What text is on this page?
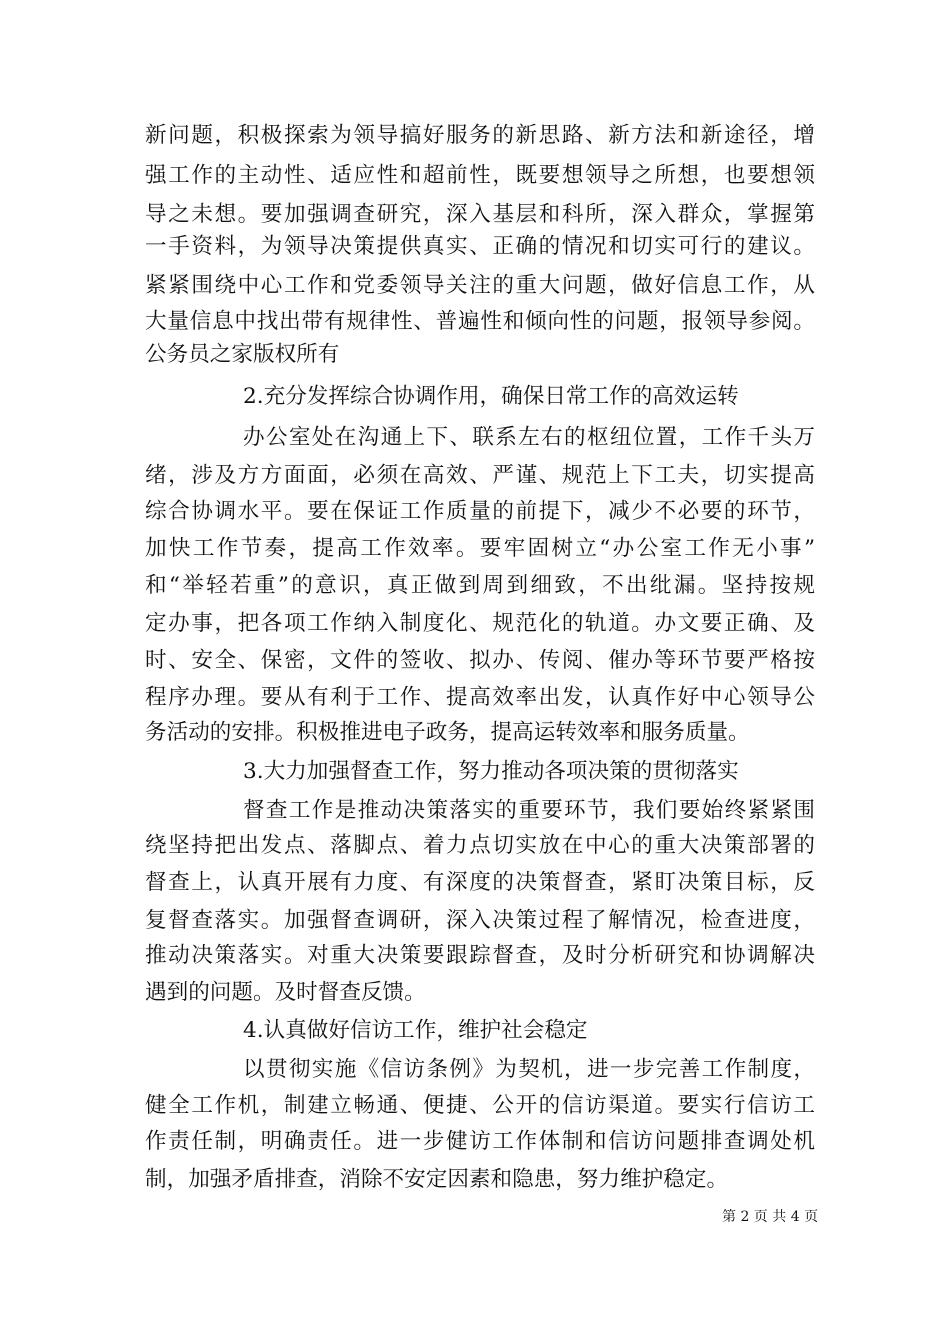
新问题，积极探索为领导搞好服务的新思路、新方法和新途径，增
强工作的主动性、适应性和超前性，既要想领导之所想，也要想领
导之未想。要加强调查研究，深入基层和科所，深入群众，掌握第
一手资料，为领导决策提供真实、正确的情况和切实可行的建议。
紧紧围绕中心工作和党委领导关注的重大问题，做好信息工作，从
大量信息中找出带有规律性、普遍性和倾向性的问题，报领导参阅。
公务员之家版权所有
2.充分发挥综合协调作用，确保日常工作的高效运转
办公室处在沟通上下、联系左右的枢纽位置，工作千头万
绪，涉及方方面面，必须在高效、严谨、规范上下工夫，切实提高
综合协调水平。要在保证工作质量的前提下，减少不必要的环节，
加快工作节奏，提高工作效率。要牢固树立“办公室工作无小事”
和“举轻若重”的意识，真正做到周到细致，不出纰漏。坚持按规
定办事，把各项工作纳入制度化、规范化的轨道。办文要正确、及
时、安全、保密，文件的签收、拟办、传阅、催办等环节要严格按
程序办理。要从有利于工作、提高效率出发，认真作好中心领导公
务活动的安排。积极推进电子政务，提高运转效率和服务质量。
3.大力加强督查工作，努力推动各项决策的贯彻落实
督查工作是推动决策落实的重要环节，我们要始终紧紧围
绕坚持把出发点、落脚点、着力点切实放在中心的重大决策部署的
督查上，认真开展有力度、有深度的决策督查，紧盯决策目标，反
复督查落实。加强督查调研，深入决策过程了解情况，检查进度，
推动决策落实。对重大决策要跟踪督查，及时分析研究和协调解决
遇到的问题。及时督查反馈。
4.认真做好信访工作，维护社会稳定
以贯彻实施《信访条例》为契机，进一步完善工作制度，
健全工作机，制建立畅通、便捷、公开的信访渠道。要实行信访工
作责任制，明确责任。进一步健访工作体制和信访问题排查调处机
制，加强矛盾排查，消除不安定因素和隐患，努力维护稳定。
第 2 页 共 4 页
